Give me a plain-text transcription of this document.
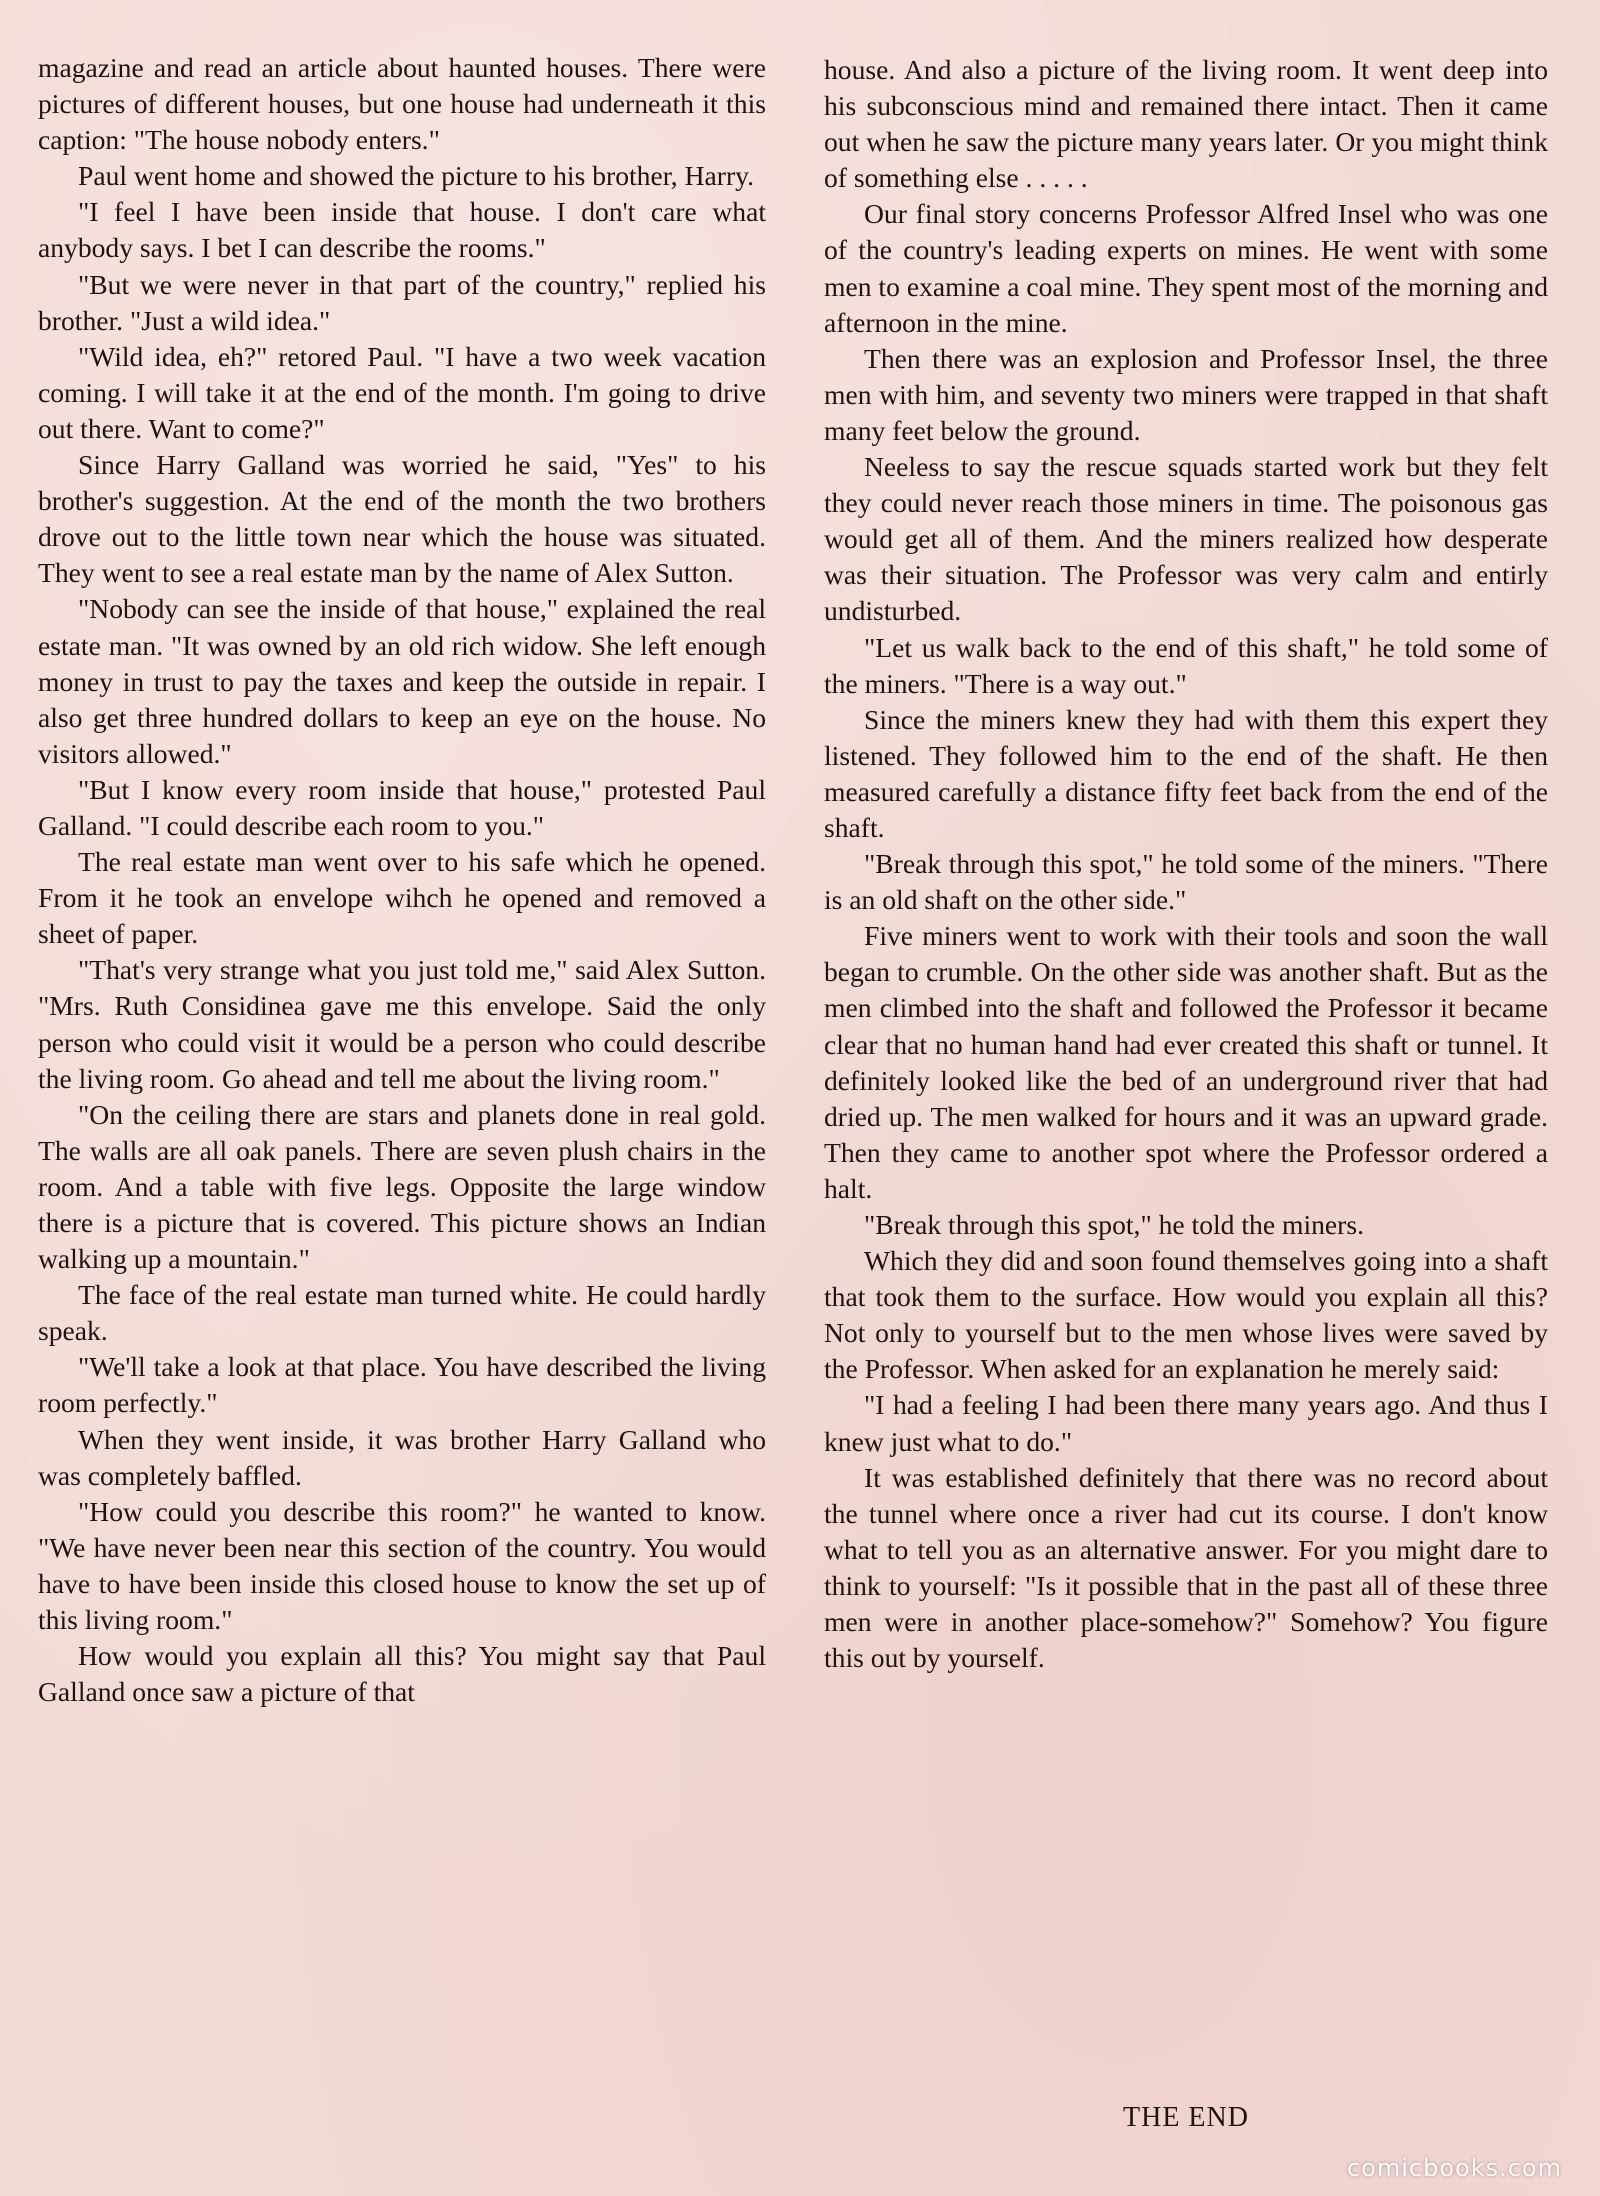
magazine and read an article about haunted houses. There were pictures of different houses, but one house had underneath it this caption: "The house nobody enters."

Paul went home and showed the picture to his brother, Harry.

"I feel I have been inside that house. I don't care what anybody says. I bet I can describe the rooms."

"But we were never in that part of the country," replied his brother. "Just a wild idea."

"Wild idea, eh?" retored Paul. "I have a two week vacation coming. I will take it at the end of the month. I'm going to drive out there. Want to come?"

Since Harry Galland was worried he said, "Yes" to his brother's suggestion. At the end of the month the two brothers drove out to the little town near which the house was situated. They went to see a real estate man by the name of Alex Sutton.

"Nobody can see the inside of that house," explained the real estate man. "It was owned by an old rich widow. She left enough money in trust to pay the taxes and keep the outside in repair. I also get three hundred dollars to keep an eye on the house. No visitors allowed."

"But I know every room inside that house," protested Paul Galland. "I could describe each room to you."

The real estate man went over to his safe which he opened. From it he took an envelope wihch he opened and removed a sheet of paper.

"That's very strange what you just told me," said Alex Sutton. "Mrs. Ruth Considinea gave me this envelope. Said the only person who could visit it would be a person who could describe the living room. Go ahead and tell me about the living room."

"On the ceiling there are stars and planets done in real gold. The walls are all oak panels. There are seven plush chairs in the room. And a table with five legs. Opposite the large window there is a picture that is covered. This picture shows an Indian walking up a mountain."

The face of the real estate man turned white. He could hardly speak.

"We'll take a look at that place. You have described the living room perfectly."

When they went inside, it was brother Harry Galland who was completely baffled.

"How could you describe this room?" he wanted to know. "We have never been near this section of the country. You would have to have been inside this closed house to know the set up of this living room."

How would you explain all this? You might say that Paul Galland once saw a picture of that

house. And also a picture of the living room. It went deep into his subconscious mind and remained there intact. Then it came out when he saw the picture many years later. Or you might think of something else . . . . .

Our final story concerns Professor Alfred Insel who was one of the country's leading experts on mines. He went with some men to examine a coal mine. They spent most of the morning and afternoon in the mine.

Then there was an explosion and Professor Insel, the three men with him, and seventy two miners were trapped in that shaft many feet below the ground.

Neeless to say the rescue squads started work but they felt they could never reach those miners in time. The poisonous gas would get all of them. And the miners realized how desperate was their situation. The Professor was very calm and entirly undisturbed.

"Let us walk back to the end of this shaft," he told some of the miners. "There is a way out."

Since the miners knew they had with them this expert they listened. They followed him to the end of the shaft. He then measured carefully a distance fifty feet back from the end of the shaft.

"Break through this spot," he told some of the miners. "There is an old shaft on the other side."

Five miners went to work with their tools and soon the wall began to crumble. On the other side was another shaft. But as the men climbed into the shaft and followed the Professor it became clear that no human hand had ever created this shaft or tunnel. It definitely looked like the bed of an underground river that had dried up. The men walked for hours and it was an upward grade. Then they came to another spot where the Professor ordered a halt.

"Break through this spot," he told the miners.

Which they did and soon found themselves going into a shaft that took them to the surface. How would you explain all this? Not only to yourself but to the men whose lives were saved by the Professor. When asked for an explanation he merely said:

"I had a feeling I had been there many years ago. And thus I knew just what to do."

It was established definitely that there was no record about the tunnel where once a river had cut its course. I don't know what to tell you as an alternative answer. For you might dare to think to yourself: "Is it possible that in the past all of these three men were in another place-somehow?" Somehow? You figure this out by yourself.

THE END
comicbooks.com
